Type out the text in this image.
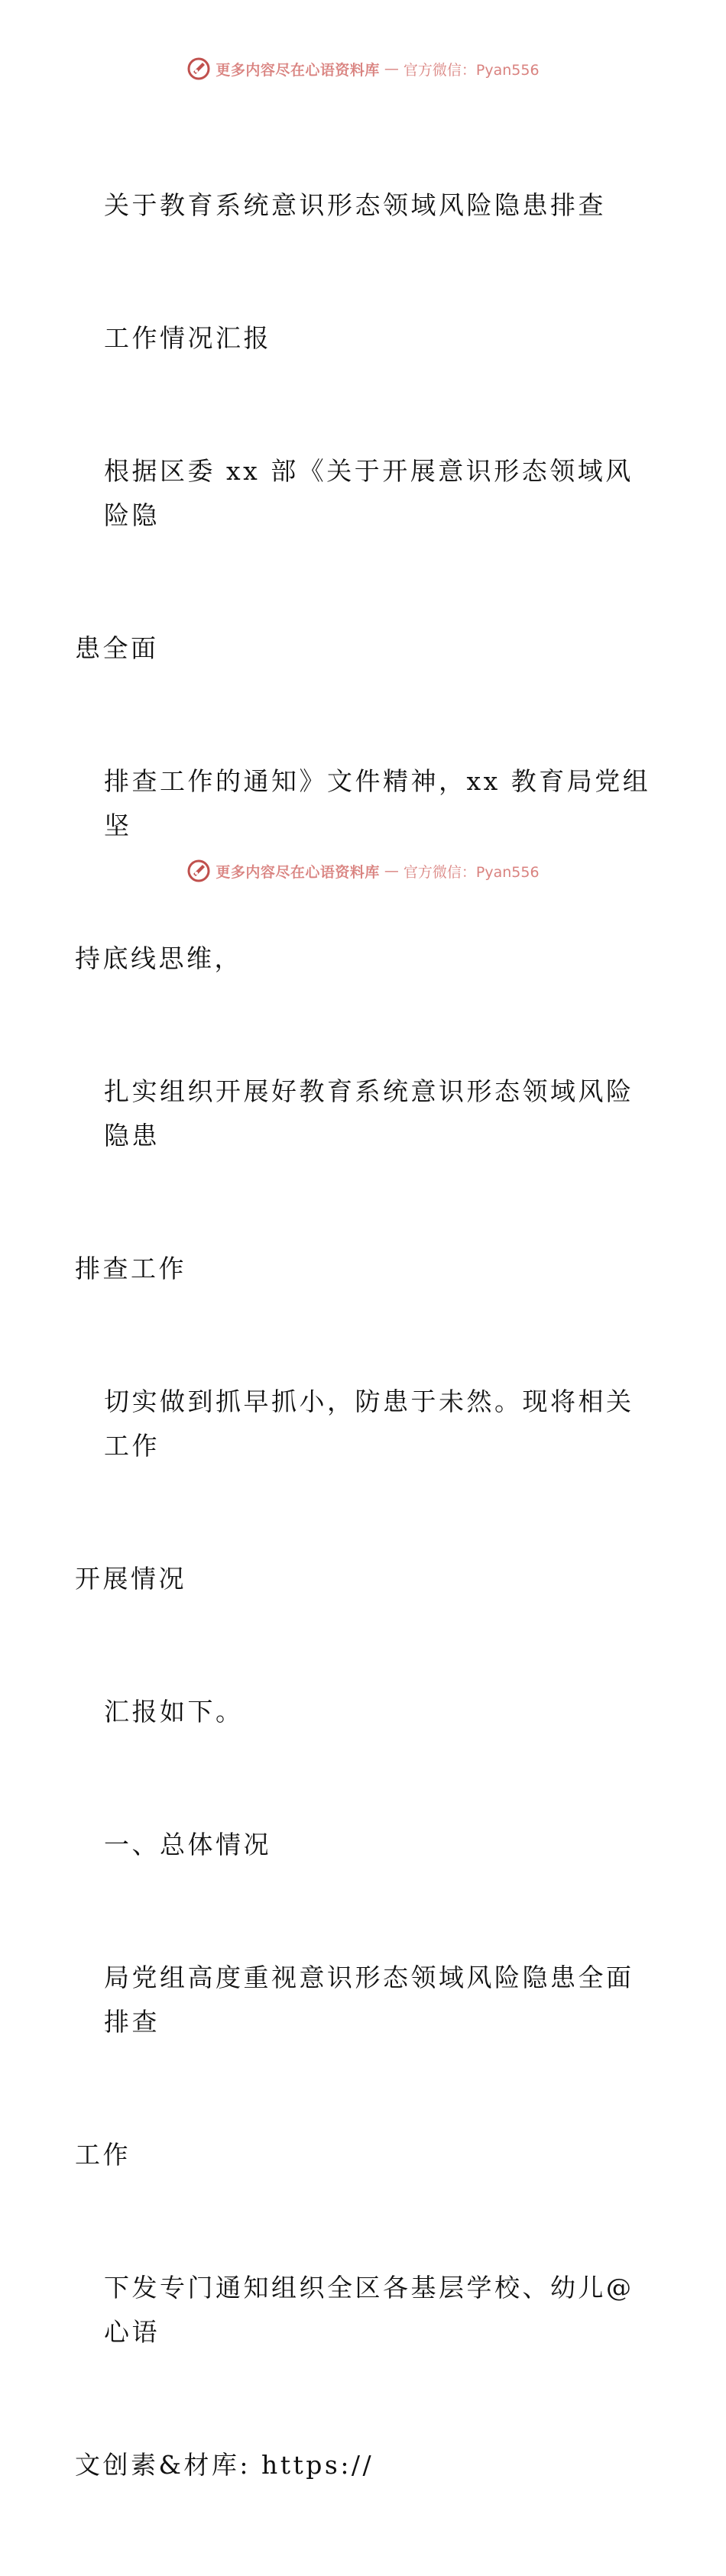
更多内容尽在心语资料库 — 官方微信：Pyan556

关于教育系统意识形态领域风险隐患排查

工作情况汇报

根据区委 xx 部《关于开展意识形态领域风险隐

患全面

排查工作的通知》文件精神，xx 教育局党组坚

持底线思维，

扎实组织开展好教育系统意识形态领域风险隐患

排查工作

切实做到抓早抓小，防患于未然。现将相关工作

开展情况

汇报如下。

一、总体情况

局党组高度重视意识形态领域风险隐患全面排查

工作

下发专门通知组织全区各基层学校、幼儿@心语

文创素&材库: https://

更多内容尽在心语资料库 — 官方微信：Pyan556
